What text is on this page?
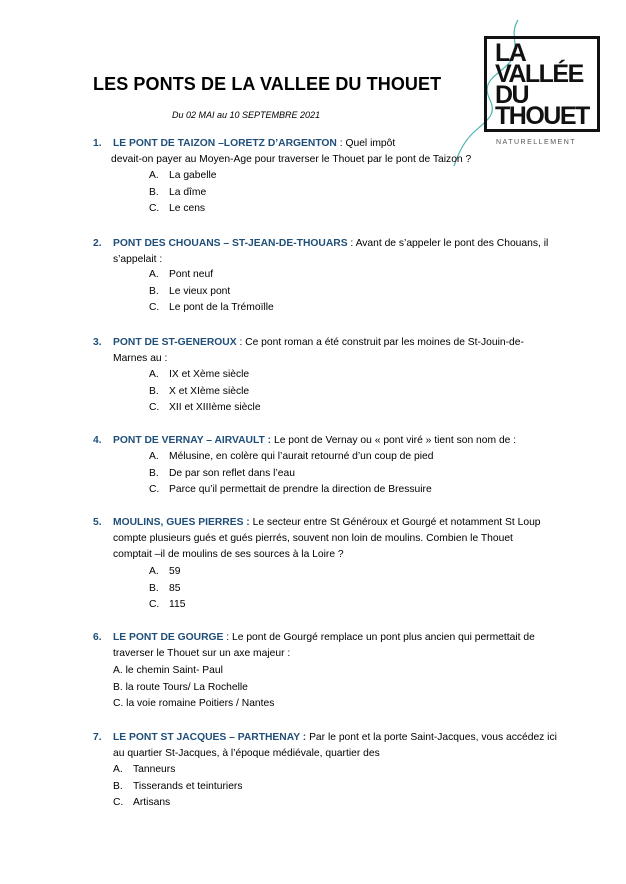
LES PONTS DE LA VALLEE DU THOUET
Du 02 MAI au 10 SEPTEMBRE 2021
LA
VALLÉE
DU
THOUET
NATURELLEMENT
1.	LE PONT DE TAIZON –LORETZ D’ARGENTON : Quel impôt
devait-on payer au Moyen-Age pour traverser le Thouet par le pont de Taizon ?
A. La gabelle
B. La dîme
C. Le cens
2.	PONT DES CHOUANS – ST-JEAN-DE-THOUARS : Avant de s’appeler le pont des Chouans, il
s’appelait :
A. Pont neuf
B. Le vieux pont
C. Le pont de la Trémoïlle
3.	PONT DE ST-GENEROUX : Ce pont roman a été construit par les moines de St-Jouin-de-
Marnes au :
A. IX et Xème siècle
B. X et XIème siècle
C. XII et XIIIème siècle
4.	PONT DE VERNAY – AIRVAULT : Le pont de Vernay ou « pont viré » tient son nom de :
A. Mélusine, en colère qui l’aurait retourné d’un coup de pied
B. De par son reflet dans l’eau
C. Parce qu’il permettait de prendre la direction de Bressuire
5.	MOULINS, GUES PIERRES : Le secteur entre St Généroux et Gourgé et notamment St Loup
compte plusieurs gués et gués pierrés, souvent non loin de moulins. Combien le Thouet
comptait –il de moulins de ses sources à la Loire ?
A. 59
B. 85
C. 115
6.	LE PONT DE GOURGE : Le pont de Gourgé remplace un pont plus ancien qui permettait de
traverser le Thouet sur un axe majeur :
A. le chemin Saint- Paul
B. la route Tours/ La Rochelle
C. la voie romaine Poitiers / Nantes
7.	LE PONT ST JACQUES – PARTHENAY : Par le pont et la porte Saint-Jacques, vous accédez ici
au quartier St-Jacques, à l’époque médiévale, quartier des
A. Tanneurs
B. Tisserands et teinturiers
C. Artisans
